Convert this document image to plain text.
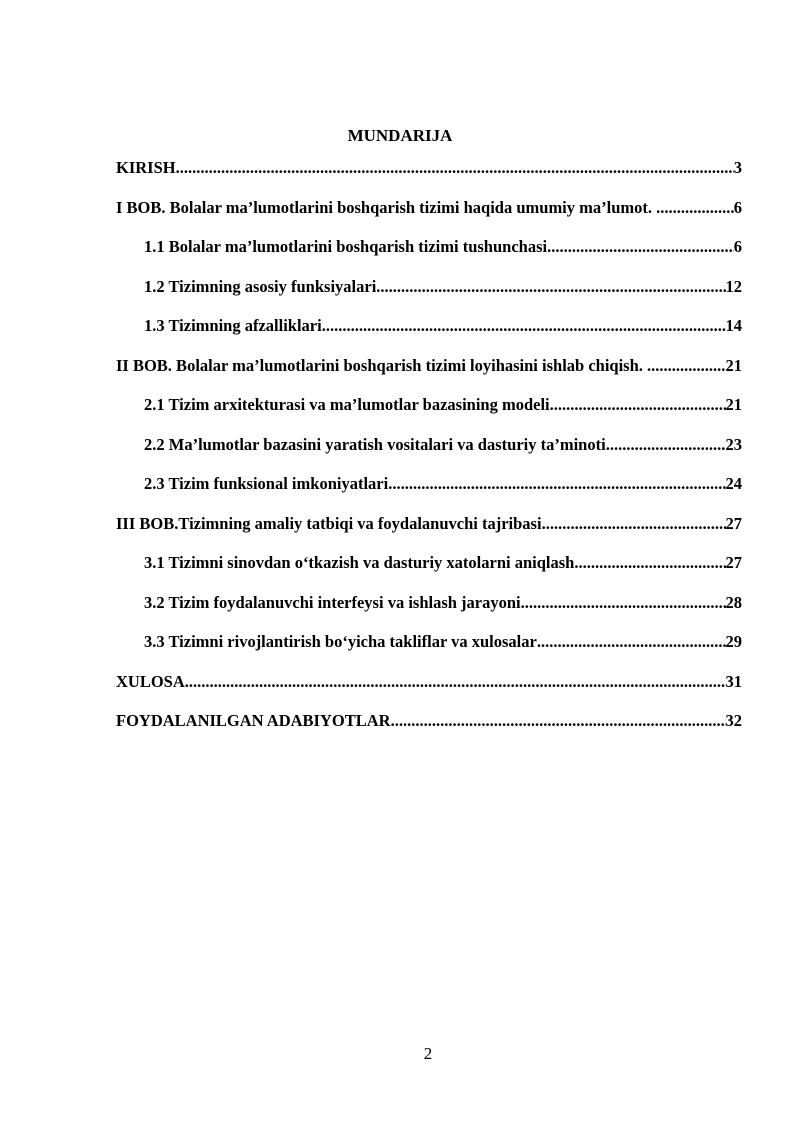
MUNDARIJA
KIRISH .....	3
I BOB. Bolalar ma’lumotlarini boshqarish tizimi haqida umumiy ma’lumot. . .....	6
1.1 Bolalar ma’lumotlarini boshqarish tizimi tushunchasi .....	6
1.2 Tizimning asosiy funksiyalari .....	12
1.3 Tizimning afzalliklari .....	14
II BOB. Bolalar ma’lumotlarini boshqarish tizimi loyihasini ishlab chiqish. . .....	21
2.1 Tizim arxitekturasi va ma’lumotlar bazasining modeli .....	21
2.2 Ma’lumotlar bazasini yaratish vositalari va dasturiy ta’minoti .....	23
2.3 Tizim funksional imkoniyatlari .....	24
III BOB.Tizimning amaliy tatbiqi va foydalanuvchi tajribasi .....	27
3.1 Tizimni sinovdan o‘tkazish va dasturiy xatolarni aniqlash .....	27
3.2 Tizim foydalanuvchi interfeysi va ishlash jarayoni .....	28
3.3 Tizimni rivojlantirish bo‘yicha takliflar va xulosalar .....	29
XULOSA .....	31
FOYDALANILGAN ADABIYOTLAR .....	32
2
